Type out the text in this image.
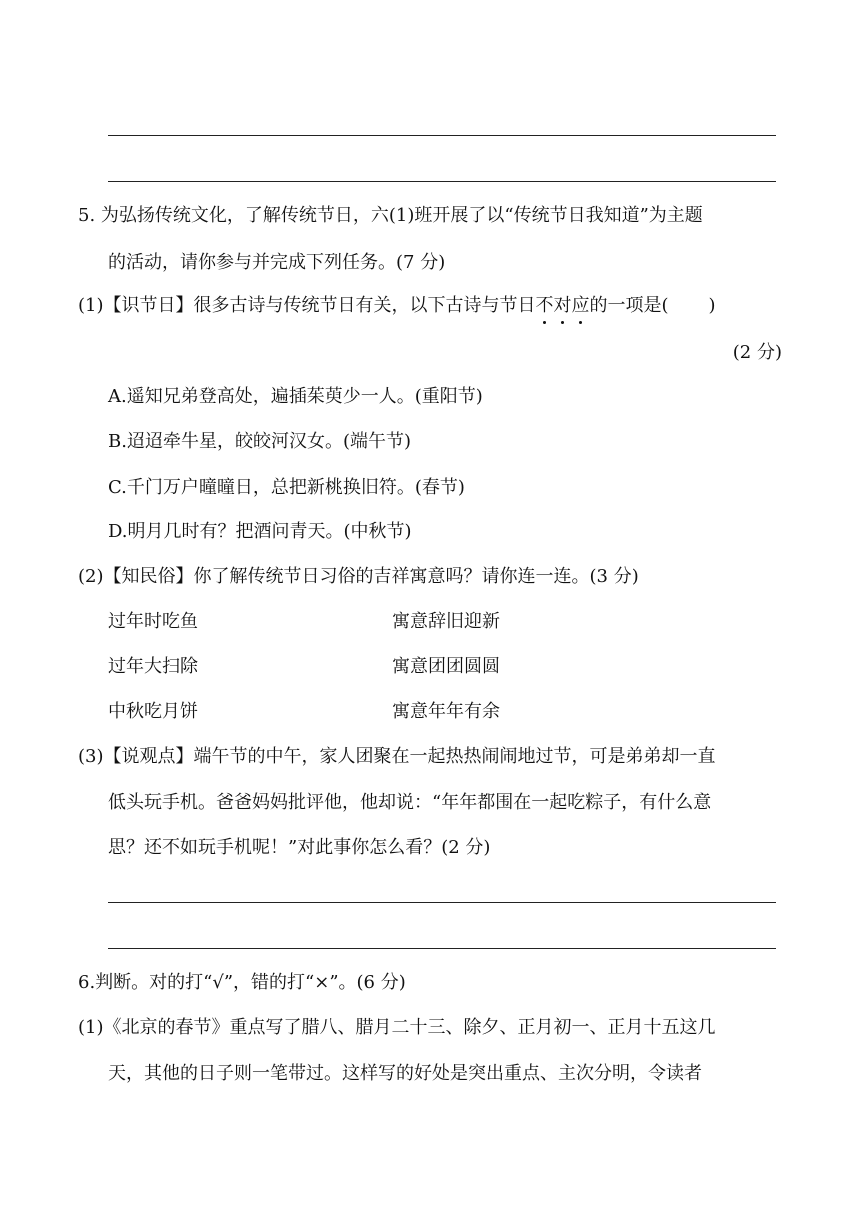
5. 为弘扬传统文化，了解传统节日，六(1)班开展了以“传统节日我知道”为主题
的活动，请你参与并完成下列任务。(7 分)
(1)【识节日】很多古诗与传统节日有关，以下古诗与节日不对应的一项是( )
(2 分)
A.遥知兄弟登高处，遍插茱萸少一人。(重阳节)
B.迢迢牵牛星，皎皎河汉女。(端午节)
C.千门万户曈曈日，总把新桃换旧符。(春节)
D.明月几时有？把酒问青天。(中秋节)
(2)【知民俗】你了解传统节日习俗的吉祥寓意吗？请你连一连。(3 分)
过年时吃鱼
过年大扫除
中秋吃月饼
寓意辞旧迎新
寓意团团圆圆
寓意年年有余
(3)【说观点】端午节的中午，家人团聚在一起热热闹闹地过节，可是弟弟却一直
低头玩手机。爸爸妈妈批评他，他却说：“年年都围在一起吃粽子，有什么意
思？还不如玩手机呢！”对此事你怎么看？(2 分)
6.判断。对的打“√”，错的打“×”。(6 分)
(1)《北京的春节》重点写了腊八、腊月二十三、除夕、正月初一、正月十五这几
天，其他的日子则一笔带过。这样写的好处是突出重点、主次分明，令读者
